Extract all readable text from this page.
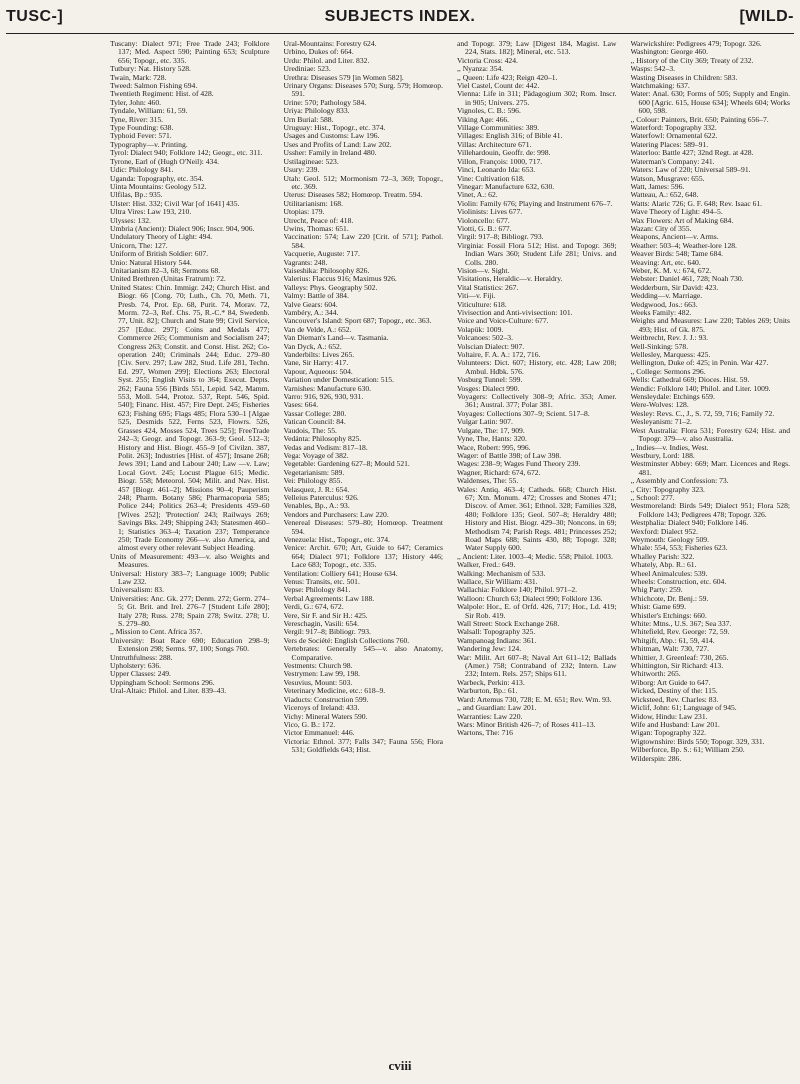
TUSC-]	SUBJECTS INDEX.	[WILD-

Tuscany: Dialect 971; Free Trade 243; Folklore 137; Med. Aspect 590; Painting 653; Sculpture 656; Topogr., etc. 335.

Tutbury: Nat. History 528.

Twain, Mark: 728.

Tweed: Salmon Fishing 694.

Twentieth Regiment: Hist. of 428.

Tyler, John: 460.

Tyndale, William: 61, 59.

Tyne, River: 315.

Type Founding: 638.

Typhoid Fever: 571.

Typography—v. Printing.

Tyrol: Dialect 940; Folklore 142; Geogr., etc. 311.

Tyrone, Earl of (Hugh O'Neil): 434.

Udic: Philology 841.

Uganda: Topography, etc. 354.

Uinta Mountains: Geology 512.

Ulfilas, Bp.: 935.

Ulster: Hist. 332; Civil War [of 1641] 435.

Ultra Vires: Law 193, 210.

Ulysses: 132.

Umbria (Ancient): Dialect 906; Inscr. 904, 906.

Undulatory Theory of Light: 494.

Unicorn, The: 127.

Uniform of British Soldier: 607.

Unio: Natural History 544.

Unitarianism 82–3, 68; Sermons 68.

United Brethren (Unitas Fratrum): 72.

United States: Chin. Immigr. 242; Church Hist. and Biogr. 66 [Cong. 70; Luth., Ch. 70, Meth. 71, Presb. 74, Prot. Ep. 68, Purit. 74, Morav. 72, Morm. 72–3, Ref. Chs. 75, R.-C.* 84, Swedenb. 77, Unit. 82]; Church and State 99; Civil Service, 257 [Educ. 297]; Coins and Medals 477; Commerce 265; Communism and Socialism 247; Congress 263; Constit. and Const. Hist. 262; Co-operation 240; Criminals 244; Educ. 279–80 [Civ. Serv. 297; Law 282, Stud. Life 281, Techn. Ed. 297, Women 299]; Elections 263; Electoral Syst. 255; English Visits to 364; Execut. Depts. 262; Fauna 556 [Birds 551, Lepid. 542, Mamm. 553, Moll. 544, Protoz. 537, Rept. 546, Spid. 540]; Financ. Hist. 457; Fire Dept. 245; Fisheries 623; Fishing 695; Flags 485; Flora 530–1 [Algae 525, Desmids 522, Ferns 523, Flowrs. 526, Grasses 424, Mosses 524, Trees 525]; FreeTrade 242–3; Geogr. and Topogr. 363–9; Geol. 512–3; History and Hist. Biogr. 455–9 [of Civilzn. 387, Polit. 263]; Industries [Hist. of 457]; Insane 268; Jews 391; Land and Labour 240; Law —v. Law; Local Govt. 245; Locust Plague 615; Medic. Biogr. 558; Meteorol. 504; Milit. and Nav. Hist. 457 [Biogr. 461–2]; Missions 90–4; Pauperism 248; Pharm. Botany 586; Pharmacopœia 585; Police 244; Politics 263–4; Presidents 459–60 [Wives 252]; 'Protection' 243; Railways 269; Savings Bks. 249; Shipping 243; Statesmen 460–1; Statistics 363–4; Taxation 237; Temperance 250; Trade Economy 266—v. also America, and almost every other relevant Subject Heading.

Units of Measurement: 493—v. also Weights and Measures.

Universal: History 383–7; Language 1009; Public Law 232.

Universalism: 83.

Universities: Anc. Gk. 277; Denm. 272; Germ. 274–5; Gt. Brit. and Irel. 276–7 [Student Life 280]; Italy 278; Russ. 278; Spain 278; Switz. 278; U. S. 279–80.

,, Mission to Cent. Africa 357.

University: Boat Race 690; Education 298–9; Extension 298; Serms. 97, 100; Songs 760.

Untruthfulness: 288.

Upholstery: 636.

Upper Classes: 249.

Uppingham School: Sermons 296.

Ural-Altaic: Philol. and Liter. 839–43.

Ural-Mountains: Forestry 624.

Urbino, Dukes of: 664.

Urdu: Philol. and Liter. 832.

Urediniae: 523.

Urethra: Diseases 579 [in Women 582].

Urinary Organs: Diseases 570; Surg. 579; Homœop. 591.

Urine: 570; Pathology 584.

Uriya: Philology 833.

Urn Burial: 588.

Uruguay: Hist., Topogr., etc. 374.

Usages and Customs: Law 196.

Uses and Profits of Land: Law 202.

Ussher: Family in Ireland 480.

Ustilagineae: 523.

Usury: 239.

Utah: Geol. 512; Mormonism 72–3, 369; Topogr., etc. 369.

Uterus: Diseases 582; Homœop. Treatm. 594.

Utilitarianism: 168.

Utopias: 179.

Utrecht, Peace of: 418.

Uwins, Thomas: 651.

Vaccination: 574; Law 220 [Crit. of 571]; Pathol. 584.

Vacquerie, Auguste: 717.

Vagrants: 248.

Vaiseshika: Philosophy 826.

Valerius: Flaccus 916; Maximus 926.

Valleys: Phys. Geography 502.

Valmy: Battle of 384.

Valve Gears: 604.

Vambéry, A.: 344.

Vancouver's Island: Sport 687; Topogr., etc. 363.

Van de Velde, A.: 652.

Van Dieman's Land—v. Tasmania.

Van Dyck, A.: 652.

Vanderbilts: Lives 265.

Vane, Sir Harry: 417.

Vapour, Aqueous: 504.

Variation under Domestication: 515.

Varnishes: Manufacture 630.

Varro: 916, 926, 930, 931.

Vases: 664.

Vassar College: 280.

Vatican Council: 84.

Vaudois, The: 55.

Vedánta: Philosophy 825.

Vedas and Vedism: 817–18.

Vega: Voyage of 382.

Vegetable: Gardening 627–8; Mould 521.

Vegetarianism: 589.

Vei: Philology 855.

Velasquez, J. R.: 654.

Velleius Paterculus: 926.

Venables, Bp., A.: 93.

Vendors and Purchasers: Law 220.

Venereal Diseases: 579–80; Homœop. Treatment 594.

Venezuela: Hist., Topogr., etc. 374.

Venice: Archit. 670; Art, Guide to 647; Ceramics 664; Dialect 971; Folklore 137; History 446; Lace 683; Topogr., etc. 335.

Ventilation: Colliery 641; House 634.

Venus: Transits, etc. 501.

Vepse: Philology 841.

Verbal Agreements: Law 188.

Verdi, G.: 674, 672.

Vere, Sir F. and Sir H.: 425.

Vereschagin, Vasili: 654.

Vergil: 917–8; Bibliogr. 793.

Vers de Société: English Collections 760.

Vertebrates: Generally 545—v. also Anatomy, Comparative.

Vestments: Church 98.

Vestrymen: Law 99, 198.

Vesuvius, Mount: 503.

Veterinary Medicine, etc.: 618–9.

Viaducts: Construction 599.

Viceroys of Ireland: 433.

Vichy: Mineral Waters 590.

Vico, G. B.: 172.

Victor Emmanuel: 446.

Victoria: Ethnol. 377; Falls 347; Fauna 556; Flora 531; Goldfields 643; Hist.

and Topogr. 379; Law [Digest 184, Magist. Law 224, Stats. 182]; Mineral, etc. 513.

Victoria Cross: 424.

,, Nyanza: 354.

,, Queen: Life 423; Reign 420–1.

Viel Castel, Count de: 442.

Vienna: Life in 311; Pädagogium 302; Rom. Inscr. in 905; Univers. 275.

Vignoles, C. B.: 596.

Viking Age: 466.

Village Communities: 389.

Villages: English 316; of Bible 41.

Villas: Architecture 671.

Villehardouin, Geoffr. de: 998.

Villon, François: 1000, 717.

Vinci, Leonardo Ida: 653.

Vine: Cultivation 618.

Vinegar: Manufacture 632, 630.

Vinet, A.: 62.

Violin: Family 676; Playing and Instrument 676–7.

Violinists: Lives 677.

Violoncello: 677.

Viotti, G. B.: 677.

Virgil: 917–8; Bibliogr. 793.

Virginia: Fossil Flora 512; Hist. and Topogr. 369; Indian Wars 360; Student Life 281; Univs. and Colls. 280.

Vision—v. Sight.

Visitations, Heraldic—v. Heraldry.

Vital Statistics: 267.

Viti—v. Fiji.

Viticulture: 618.

Vivisection and Anti-vivisection: 101.

Voice and Voice-Culture: 677.

Volapük: 1009.

Volcanoes: 502–3.

Volscian Dialect: 907.

Voltaire, F. A. A.: 172, 716.

Volunteers: Dict. 607; History, etc. 428; Law 208; Ambul. Hdbk. 576.

Vosburg Tunnel: 599.

Vosges: Dialect 990.

Voyagers: Collectively 308–9; Afric. 353; Amer. 361; Austral. 377; Polar 381.

Voyages: Collections 307–9; Scient. 517–8.

Vulgar Latin: 907.

Vulgate, The: 17, 909.

Vyne, The, Hants: 320.

Wace, Robert: 995, 996.

Wager: of Battle 398; of Law 398.

Wages: 238–9; Wages Fund Theory 239.

Wagner, Richard: 674, 672.

Waldenses, The: 55.

Wales: Antiq. 463–4; Catheds. 668; Church Hist. 67; Xtn. Monum. 472; Crosses and Stones 471; Discov. of Amer. 361; Ethnol. 328; Families 328, 480; Folklore 135; Geol. 507–8; Heraldry 480; History and Hist. Biogr. 429–30; Noncons. in 69; Methodism 74; Parish Regs. 481; Princesses 252; Road Maps 688; Saints 430, 88; Topogr. 328; Water Supply 600.

,, Ancient: Liter. 1003–4; Medic. 558; Philol. 1003.

Walker, Fred.: 649.

Walking: Mechanism of 533.

Wallace, Sir William: 431.

Wallachia: Folklore 140; Philol. 971–2.

Walloon: Church 63; Dialect 990; Folklore 136.

Walpole: Hor., E. of Orfd. 426, 717; Hor., Ld. 419; Sir Rob. 419.

Wall Street: Stock Exchange 268.

Walsall: Topography 325.

Wampanoag Indians: 361.

Wandering Jew: 124.

War: Milit. Art 607–8; Naval Art 611–12; Ballads (Amer.) 758; Contraband of 232; Intern. Law 232; Intern. Rels. 257; Ships 611.

Warbeck, Perkin: 413.

Warburton, Bp.: 61.

Ward: Artemus 730, 728; E. M. 651; Rev. Wm. 93.

,, and Guardian: Law 201.

Warranties: Law 220.

Wars: Minor British 426–7; of Roses 411–13.

Wartons, The: 716

Warwickshire: Pedigrees 479; Topogr. 326.

Washington: George 460.

,, History of the City 369; Treaty of 232.

Wasps: 542–3.

Wasting Diseases in Children: 583.

Watchmaking: 637.

Water: Anal. 630; Forms of 505; Supply and Engin. 600 [Agric. 615, House 634]; Wheels 604; Works 600, 598.

,, Colour: Painters, Brit. 650; Painting 656–7.

Waterford: Topography 332.

Waterfowl: Ornamental 622.

Watering Places: 589–91.

Waterloo: Battle 427; 32nd Regt. at 428.

Waterman's Company: 241.

Waters: Law of 220; Universal 589–91.

Watson, Musgrave: 655.

Watt, James: 596.

Watteau, A.: 652, 648.

Watts: Alaric 726; G. F. 648; Rev. Isaac 61.

Wave Theory of Light: 494–5.

Wax Flowers: Art of Making 684.

Wazan: City of 355.

Weapons, Ancient—v. Arms.

Weather: 503–4; Weather-lore 128.

Weaver Birds: 548; Tame 684.

Weaving: Art, etc. 640.

Weber, K. M. v.: 674, 672.

Webster: Daniel 461, 728; Noah 730.

Wedderburn, Sir David: 423.

Wedding—v. Marriage.

Wedgwood, Jos.: 663.

Weeks Family: 482.

Weights and Measures: Law 220; Tables 269; Units 493; Hist. of Gk. 875.

Weitbrecht, Rev. J. J.: 93.

Well-Sinking: 578.

Wellesley, Marquess: 425.

Wellington, Duke of: 425; in Penin. War 427.

,, College: Sermons 296.

Wells: Cathedral 669; Dioces. Hist. 59.

Wendic: Folklore 140; Philol. and Liter. 1009.

Wensleydale: Etchings 659.

Were-Wolves: 128.

Wesley: Revs. C., J., S. 72, 59, 716; Family 72.

Wesleyanism: 71–2.

West Australia: Flora 531; Forestry 624; Hist. and Topogr. 379—v. also Australia.

,, Indies—v. Indies, West.

Westbury, Lord: 188.

Westminster Abbey: 669; Marr. Licences and Regs. 481.

,, Assembly and Confession: 73.

,, City: Topography 323.

,, School: 277.

Westmoreland: Birds 549; Dialect 951; Flora 528; Folklore 143; Pedigrees 478; Topogr. 326.

Westphalia: Dialect 940; Folklore 146.

Wexford: Dialect 952.

Weymouth: Geology 509.

Whale: 554, 553; Fisheries 623.

Whalley Parish: 322.

Whately, Abp. R.: 61.

Wheel Animalcules: 539.

Wheels: Construction, etc. 604.

Whig Party: 259.

Whichcote, Dr. Benj.: 59.

Whist: Game 699.

Whistler's Etchings: 660.

White: Mtns., U.S. 367; Sea 337.

Whitefield, Rev. George: 72, 59.

Whitgift, Abp.: 61, 59, 414.

Whitman, Walt: 730, 727.

Whittier, J. Greenleaf: 730, 265.

Whittington, Sir Richard: 413.

Whitworth: 265.

Wiborg: Art Guide to 647.

Wicked, Destiny of the: 115.

Wicksteed, Rev. Charles: 83.

Wiclif, John: 61; Language of 945.

Widow, Hindu: Law 231.

Wife and Husband: Law 201.

Wigan: Topography 322.

Wigtownshire: Birds 550; Topogr. 329, 331.

Wilberforce, Bp. S.: 61; William 250.

Wilderspin: 286.

cviii
